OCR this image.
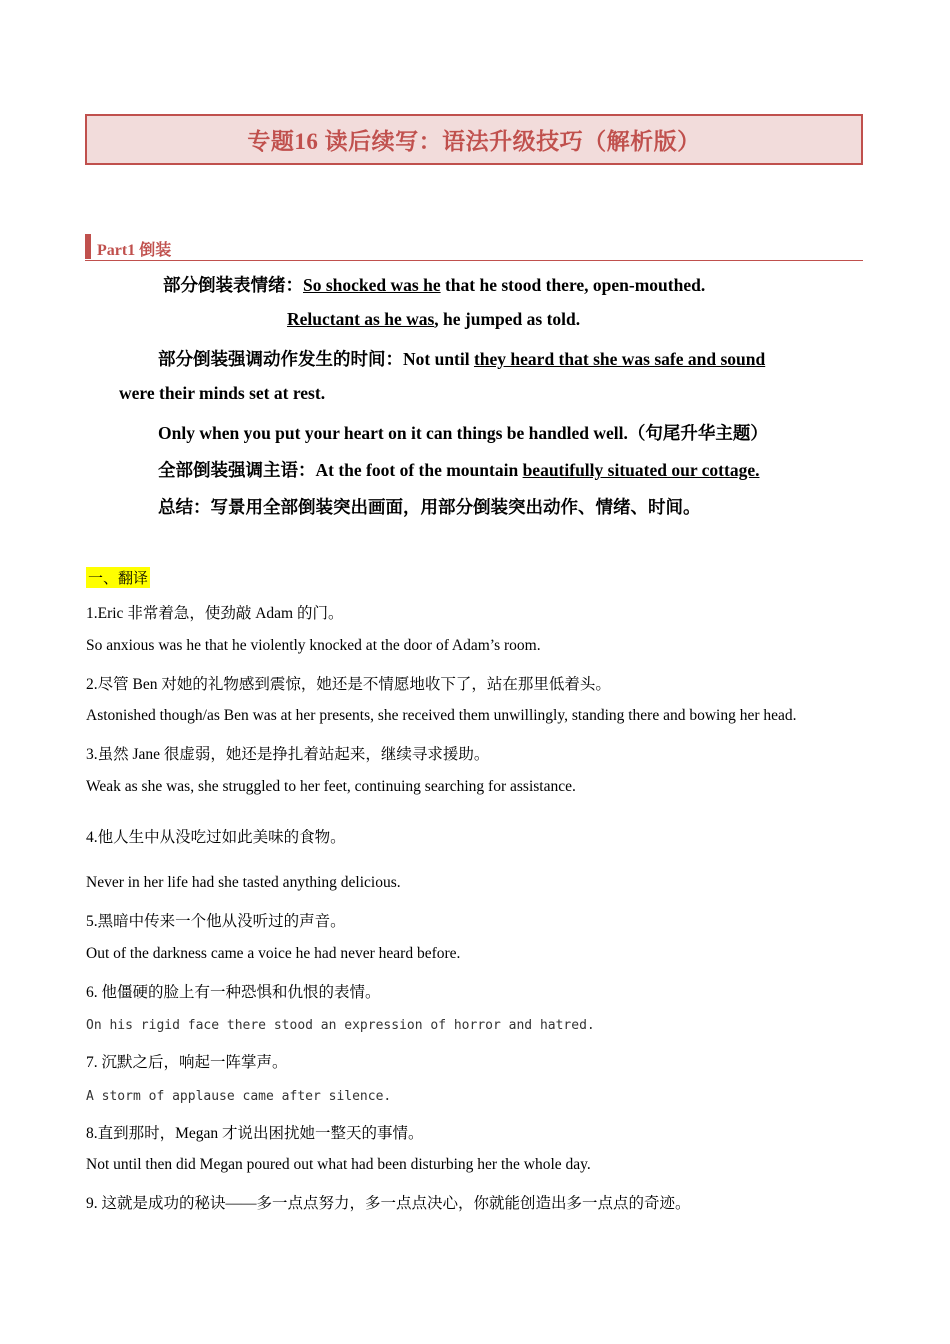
专题16 读后续写：语法升级技巧（解析版）
Part1 倒装
部分倒装表情绪：So shocked was he that he stood there, open-mouthed.
Reluctant as he was, he jumped as told.
部分倒装强调动作发生的时间：Not until they heard that she was safe and sound
were their minds set at rest.
Only when you put your heart on it can things be handled well.（句尾升华主题）
全部倒装强调主语：At the foot of the mountain beautifully situated our cottage.
总结：写景用全部倒装突出画面，用部分倒装突出动作、情绪、时间。
一、翻译
1.Eric 非常着急，使劲敲 Adam 的门。
So anxious was he that he violently knocked at the door of Adam’s room.
2.尽管 Ben 对她的礼物感到震惊，她还是不情愿地收下了，站在那里低着头。
Astonished though/as Ben was at her presents, she received them unwillingly, standing there and bowing her head.
3.虽然 Jane 很虚弱，她还是挣扎着站起来，继续寻求援助。
Weak as she was, she struggled to her feet, continuing searching for assistance.
4.他人生中从没吃过如此美味的食物。
Never in her life had she tasted anything delicious.
5.黑暗中传来一个他从没听过的声音。
Out of the darkness came a voice he had never heard before.
6. 他僵硬的脸上有一种恐惧和仇恨的表情。
On his rigid face there stood an expression of horror and hatred.
7. 沉默之后，响起一阵掌声。
A storm of applause came after silence.
8.直到那时，Megan 才说出困扰她一整天的事情。
Not until then did Megan poured out what had been disturbing her the whole day.
9. 这就是成功的秘诀——多一点点努力，多一点点决心，你就能创造出多一点点的奇迹。
